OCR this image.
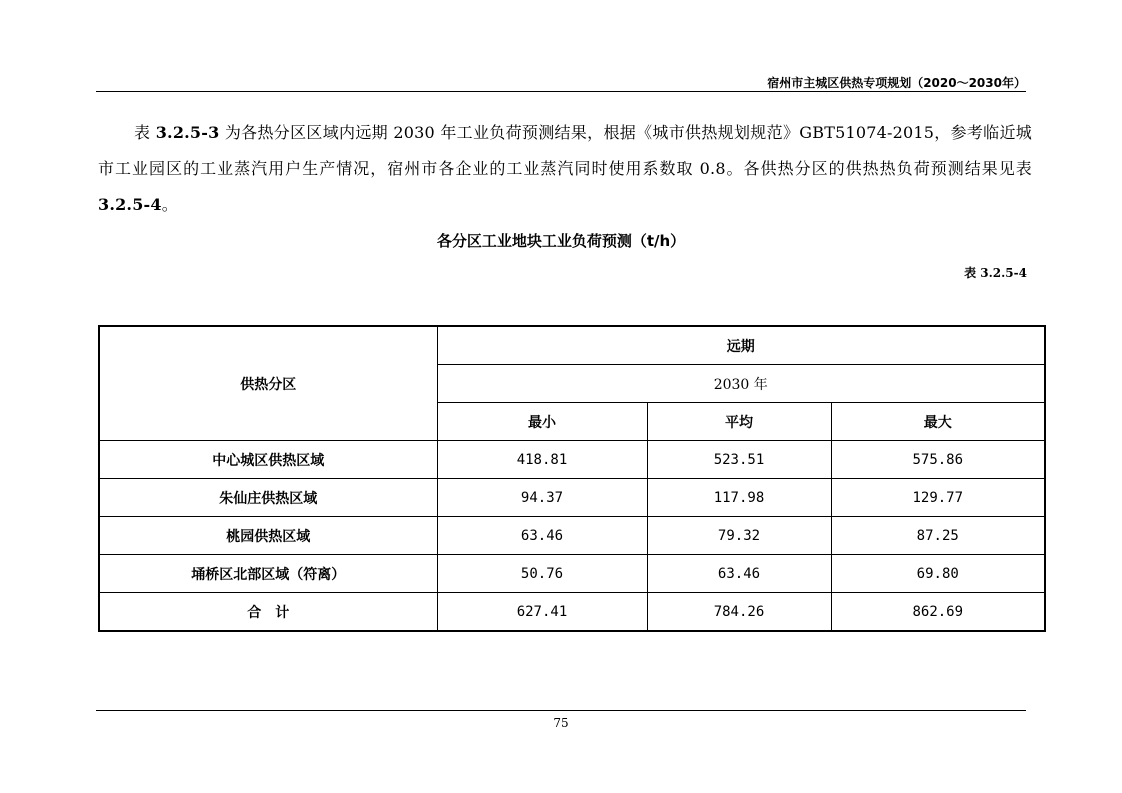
宿州市主城区供热专项规划（2020～2030年）
表 3.2.5-3 为各热分区区域内远期 2030 年工业负荷预测结果，根据《城市供热规划规范》GBT51074-2015，参考临近城市工业园区的工业蒸汽用户生产情况，宿州市各企业的工业蒸汽同时使用系数取 0.8。各供热分区的供热热负荷预测结果见表 3.2.5-4。
各分区工业地块工业负荷预测（t/h）
表 3.2.5-4
供热分区	远期		
	2030 年		
	最小	平均	最大
中心城区供热区域	418.81	523.51	575.86
朱仙庄供热区域	94.37	117.98	129.77
桃园供热区域	63.46	79.32	87.25
埇桥区北部区域（符离）	50.76	63.46	69.80
合　计	627.41	784.26	862.69
75
